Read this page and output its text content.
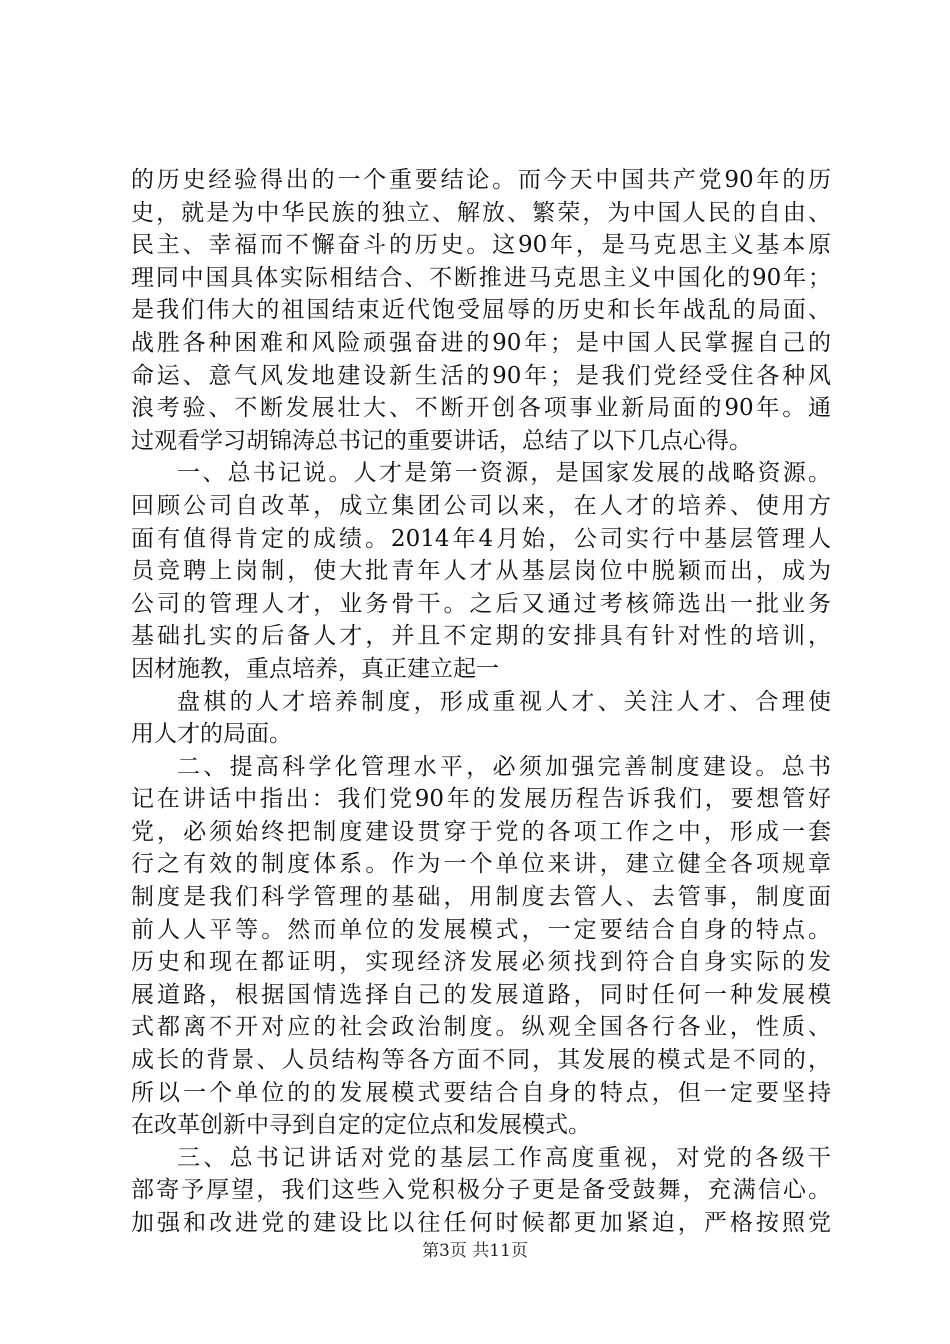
的历史经验得出的一个重要结论。而今天中国共产党90年的历
史，就是为中华民族的独立、解放、繁荣，为中国人民的自由、
民主、幸福而不懈奋斗的历史。这90年，是马克思主义基本原
理同中国具体实际相结合、不断推进马克思主义中国化的90年；
是我们伟大的祖国结束近代饱受屈辱的历史和长年战乱的局面、
战胜各种困难和风险顽强奋进的90年；是中国人民掌握自己的
命运、意气风发地建设新生活的90年；是我们党经受住各种风
浪考验、不断发展壮大、不断开创各项事业新局面的90年。通
过观看学习胡锦涛总书记的重要讲话，总结了以下几点心得。
一、总书记说。人才是第一资源，是国家发展的战略资源。
回顾公司自改革，成立集团公司以来，在人才的培养、使用方
面有值得肯定的成绩。2014年4月始，公司实行中基层管理人
员竞聘上岗制，使大批青年人才从基层岗位中脱颖而出，成为
公司的管理人才，业务骨干。之后又通过考核筛选出一批业务
基础扎实的后备人才，并且不定期的安排具有针对性的培训，
因材施教，重点培养，真正建立起一
盘棋的人才培养制度，形成重视人才、关注人才、合理使
用人才的局面。
二、提高科学化管理水平，必须加强完善制度建设。总书
记在讲话中指出：我们党90年的发展历程告诉我们，要想管好
党，必须始终把制度建设贯穿于党的各项工作之中，形成一套
行之有效的制度体系。作为一个单位来讲，建立健全各项规章
制度是我们科学管理的基础，用制度去管人、去管事，制度面
前人人平等。然而单位的发展模式，一定要结合自身的特点。
历史和现在都证明，实现经济发展必须找到符合自身实际的发
展道路，根据国情选择自己的发展道路，同时任何一种发展模
式都离不开对应的社会政治制度。纵观全国各行各业，性质、
成长的背景、人员结构等各方面不同，其发展的模式是不同的，
所以一个单位的的发展模式要结合自身的特点，但一定要坚持
在改革创新中寻到自定的定位点和发展模式。
三、总书记讲话对党的基层工作高度重视，对党的各级干
部寄予厚望，我们这些入党积极分子更是备受鼓舞，充满信心。
加强和改进党的建设比以往任何时候都更加紧迫，严格按照党
第3页 共11页
